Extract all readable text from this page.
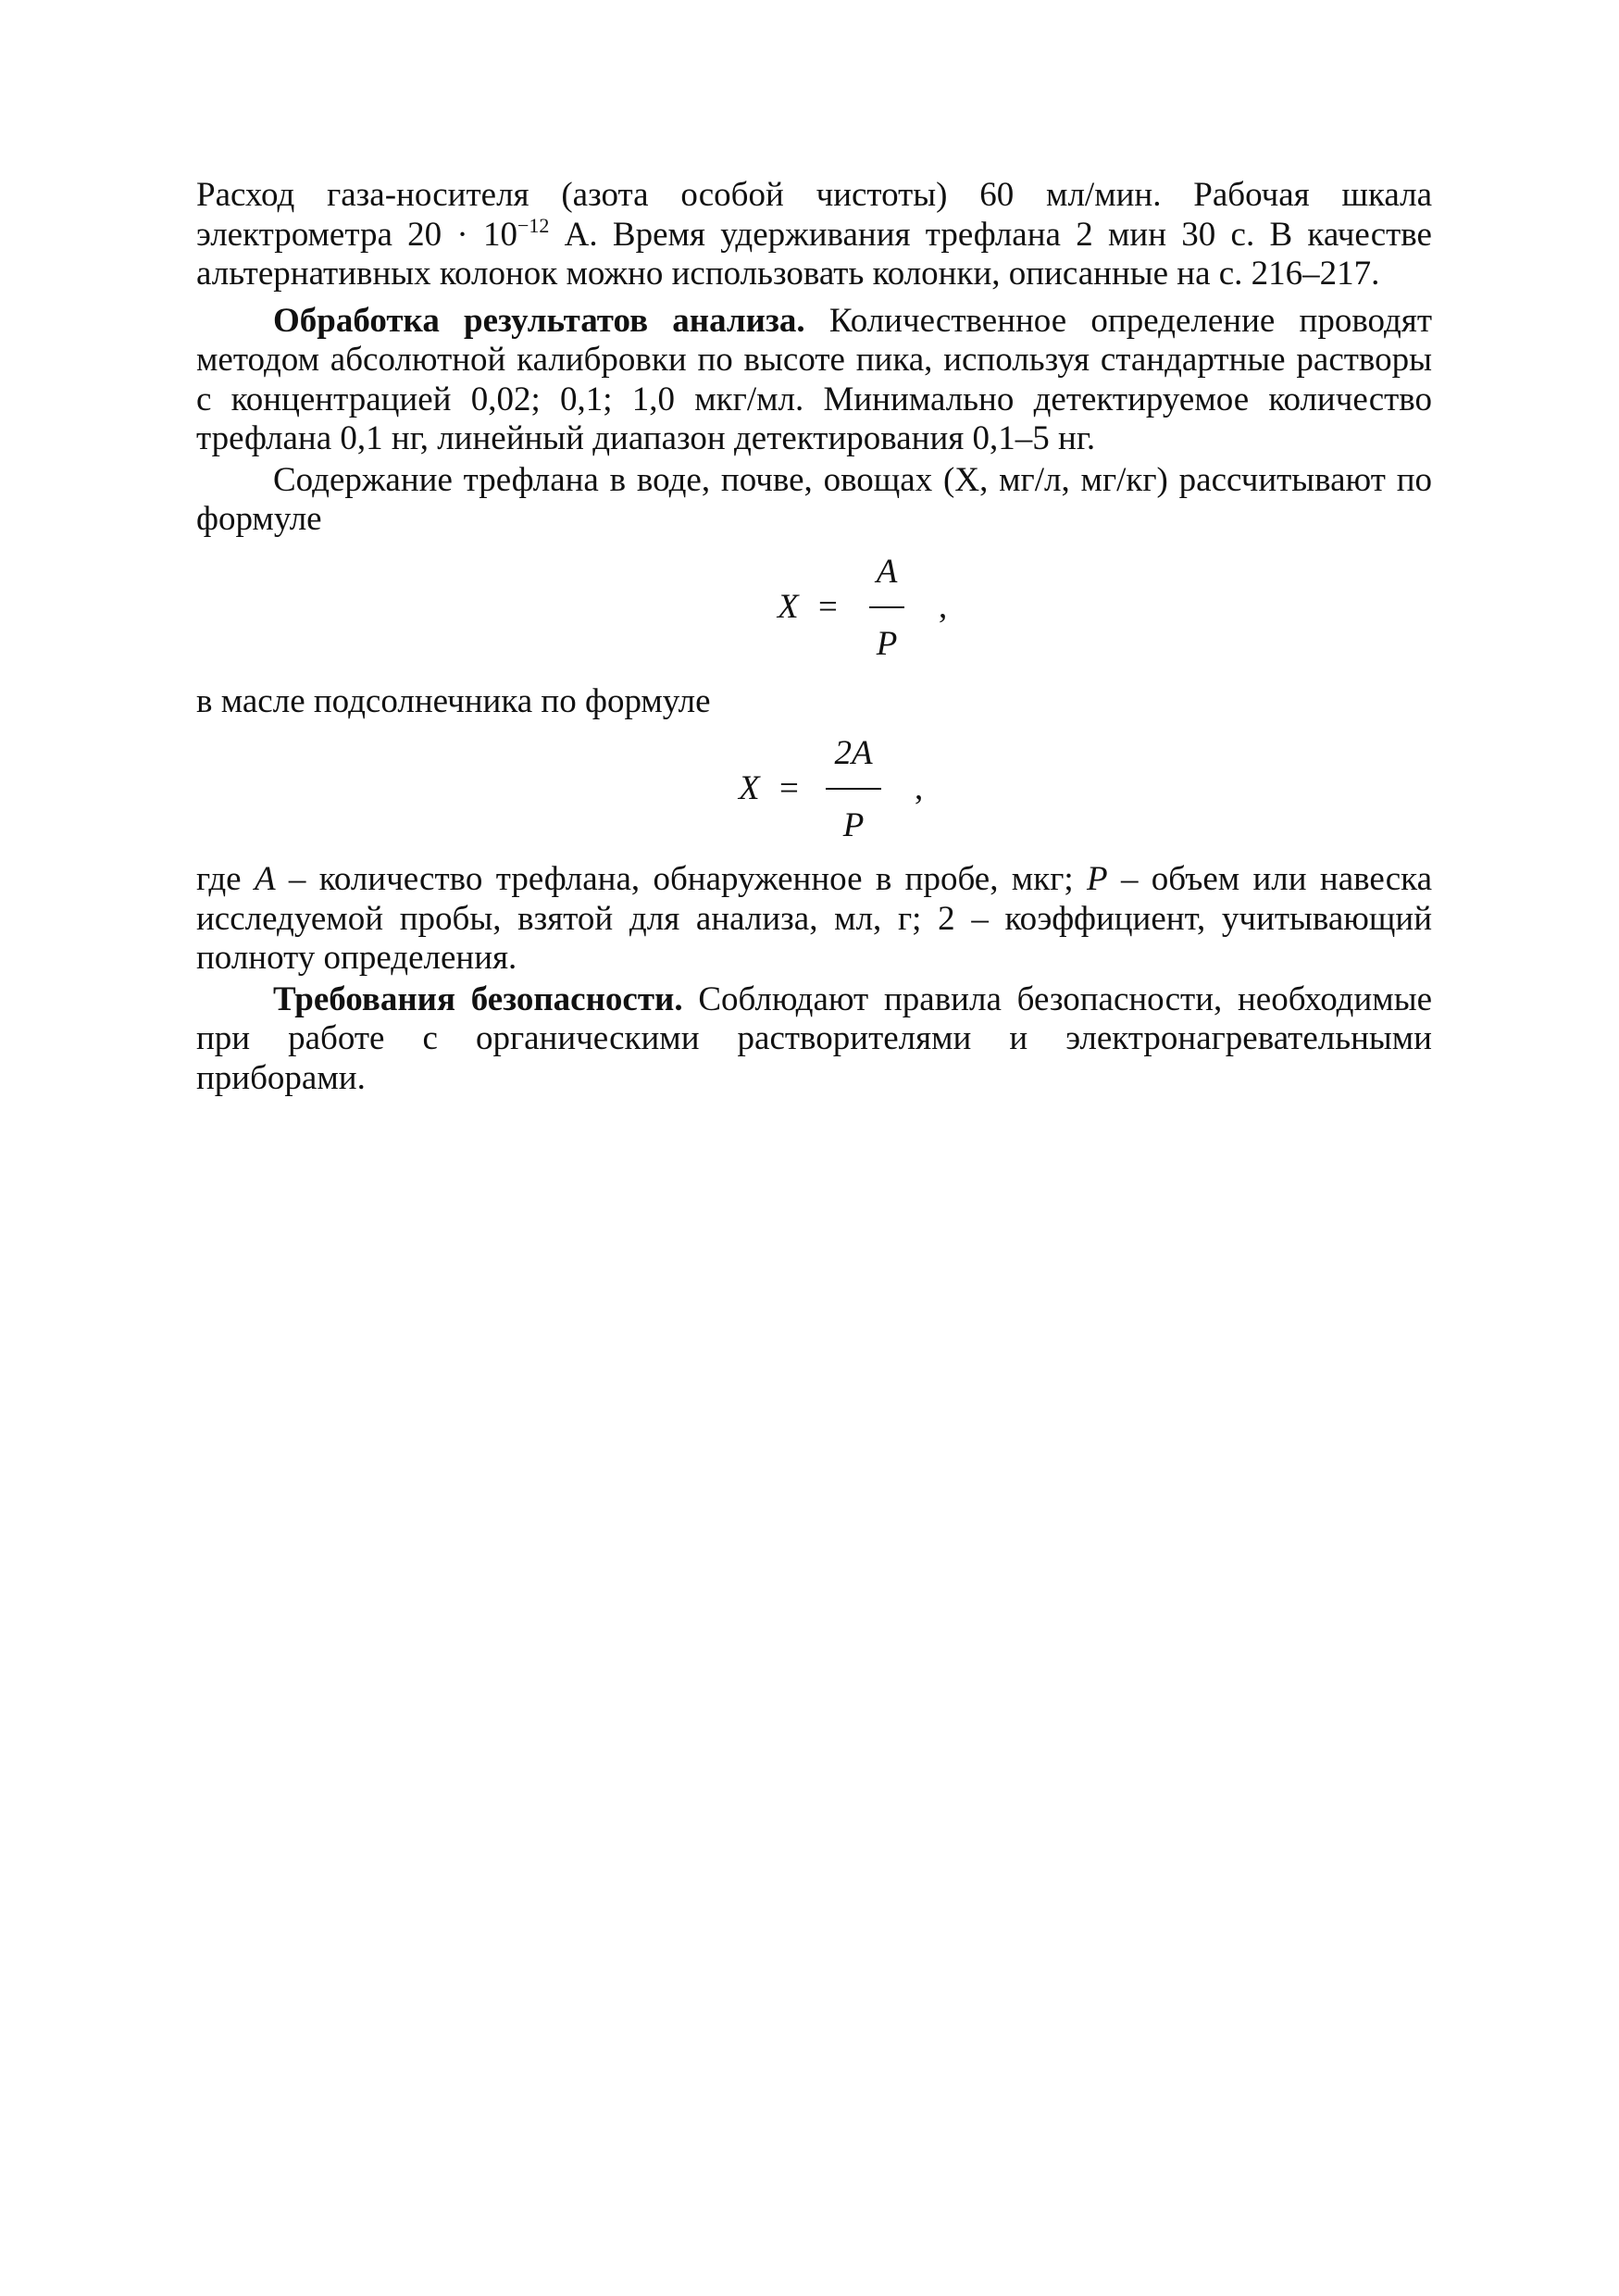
Расход газа-носителя (азота особой чистоты) 60 мл/мин. Рабочая шкала электрометра $20 \cdot 10^{-12}$ А. Время удерживания трефлана 2 мин 30 с. В качестве альтернативных колонок можно использовать колонки, описанные на с. 216–217.

Обработка результатов анализа. Количественное определение проводят методом абсолютной калибровки по высоте пика, используя стандартные растворы с концентрацией 0,02; 0,1; 1,0 мкг/мл. Минимально детектируемое количество трефлана 0,1 нг, линейный диапазон детектирования 0,1–5 нг.

Содержание трефлана в воде, почве, овощах (X, мг/л, мг/кг) рассчитывают по формуле

X =
A
P
,

в масле подсолнечника по формуле

X =
2A
P
,

где A – количество трефлана, обнаруженное в пробе, мкг; P – объем или навеска исследуемой пробы, взятой для анализа, мл, г; 2 – коэффициент, учитывающий полноту определения.

Требования безопасности. Соблюдают правила безопасности, необходимые при работе с органическими растворителями и электронагревательными приборами.
